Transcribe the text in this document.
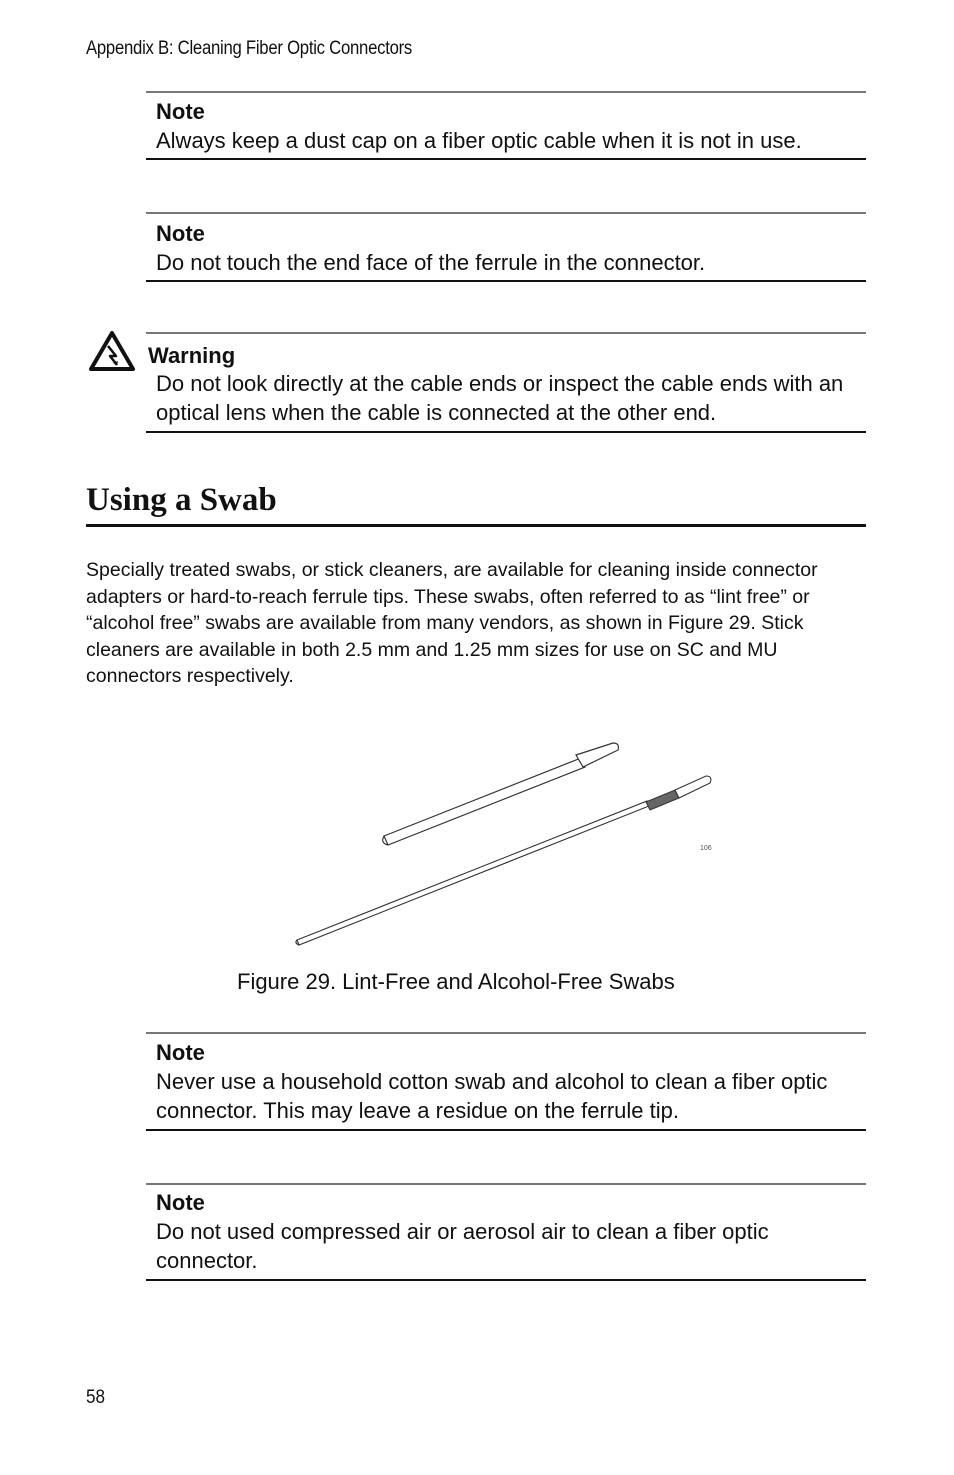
Appendix B: Cleaning Fiber Optic Connectors
Note
Always keep a dust cap on a fiber optic cable when it is not in use.
Note
Do not touch the end face of the ferrule in the connector.
Warning
Do not look directly at the cable ends or inspect the cable ends with an optical lens when the cable is connected at the other end.
Using a Swab
Specially treated swabs, or stick cleaners, are available for cleaning inside connector adapters or hard-to-reach ferrule tips. These swabs, often referred to as “lint free” or “alcohol free” swabs are available from many vendors, as shown in Figure 29. Stick cleaners are available in both 2.5 mm and 1.25 mm sizes for use on SC and MU connectors respectively.
106
Figure 29. Lint-Free and Alcohol-Free Swabs
Note
Never use a household cotton swab and alcohol to clean a fiber optic connector. This may leave a residue on the ferrule tip.
Note
Do not used compressed air or aerosol air to clean a fiber optic connector.
58
